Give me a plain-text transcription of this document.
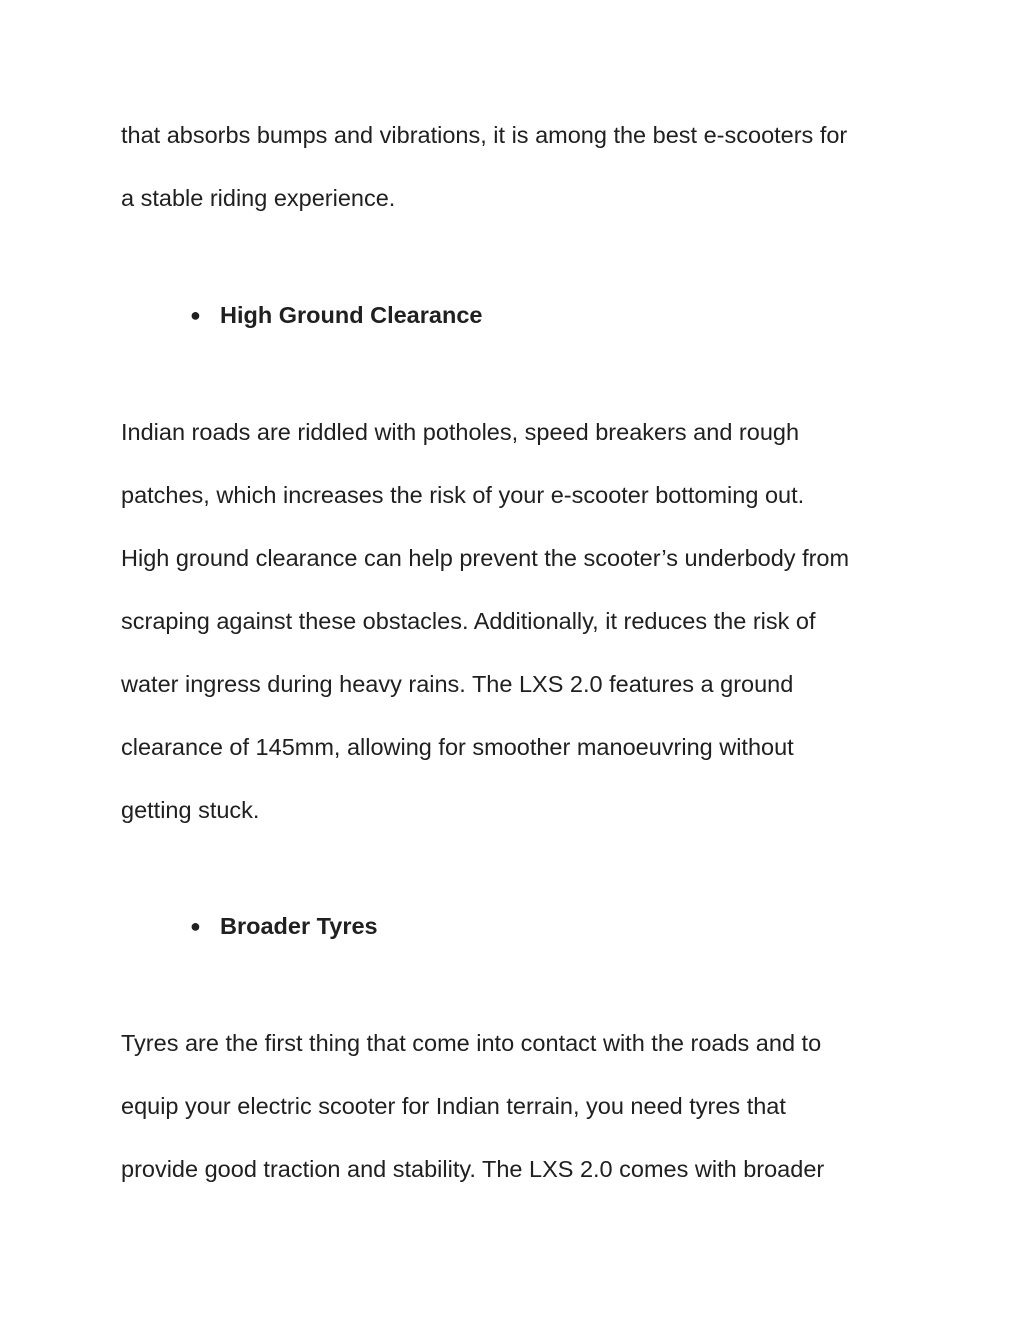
that absorbs bumps and vibrations, it is among the best e-scooters for
a stable riding experience.
● High Ground Clearance
Indian roads are riddled with potholes, speed breakers and rough
patches, which increases the risk of your e-scooter bottoming out.
High ground clearance can help prevent the scooter’s underbody from
scraping against these obstacles. Additionally, it reduces the risk of
water ingress during heavy rains. The LXS 2.0 features a ground
clearance of 145mm, allowing for smoother manoeuvring without
getting stuck.
● Broader Tyres
Tyres are the first thing that come into contact with the roads and to
equip your electric scooter for Indian terrain, you need tyres that
provide good traction and stability. The LXS 2.0 comes with broader
